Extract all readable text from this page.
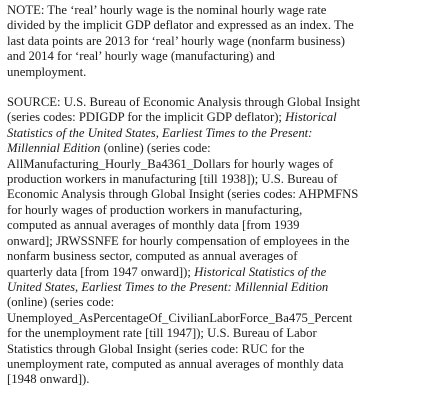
NOTE: The ‘real’ hourly wage is the nominal hourly wage rate
divided by the implicit GDP deflator and expressed as an index. The
last data points are 2013 for ‘real’ hourly wage (nonfarm business)
and 2014 for ‘real’ hourly wage (manufacturing) and
unemployment.

SOURCE: U.S. Bureau of Economic Analysis through Global Insight
(series codes: PDIGDP for the implicit GDP deflator); Historical
Statistics of the United States, Earliest Times to the Present:
Millennial Edition (online) (series code:
AllManufacturing_Hourly_Ba4361_Dollars for hourly wages of
production workers in manufacturing [till 1938]); U.S. Bureau of
Economic Analysis through Global Insight (series codes: AHPMFNS
for hourly wages of production workers in manufacturing,
computed as annual averages of monthly data [from 1939
onward]; JRWSSNFE for hourly compensation of employees in the
nonfarm business sector, computed as annual averages of
quarterly data [from 1947 onward]); Historical Statistics of the
United States, Earliest Times to the Present: Millennial Edition
(online) (series code:
Unemployed_AsPercentageOf_CivilianLaborForce_Ba475_Percent
for the unemployment rate [till 1947]); U.S. Bureau of Labor
Statistics through Global Insight (series code: RUC for the
unemployment rate, computed as annual averages of monthly data
[1948 onward]).
